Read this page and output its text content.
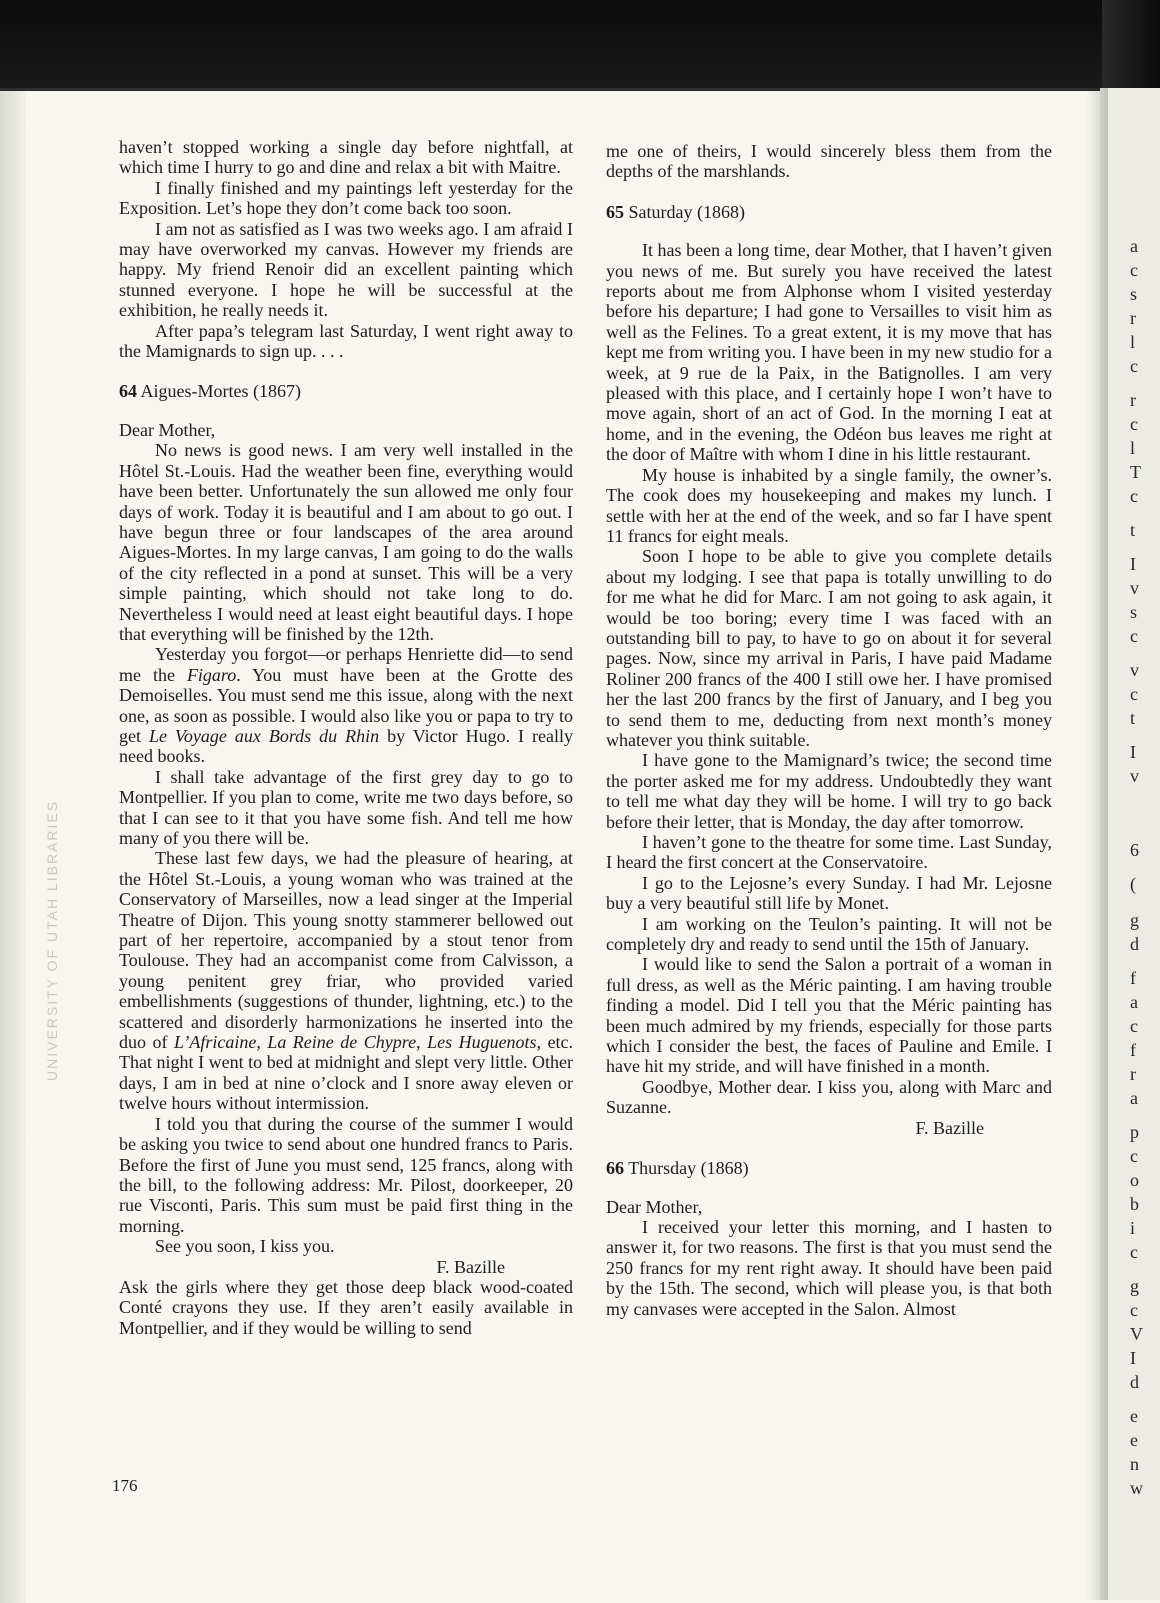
UNIVERSITY OF UTAH LIBRARIES
a
c
s
r
l
c
r
c
l
T
c
t
I
v
s
c
v
c
t
I
v
6
(
g
d
f
a
c
f
r
a
p
c
o
b
i
c
g
c
V
I
d
e
e
n
w

haven’t stopped working a single day before nightfall, at which time I hurry to go and dine and relax a bit with Maitre.

I finally finished and my paintings left yesterday for the Exposition. Let’s hope they don’t come back too soon.

I am not as satisfied as I was two weeks ago. I am afraid I may have overworked my canvas. However my friends are happy. My friend Renoir did an excellent painting which stunned everyone. I hope he will be successful at the exhibition, he really needs it.

After papa’s telegram last Saturday, I went right away to the Mamignards to sign up. . . .

64 Aigues-Mortes (1867)

Dear Mother,

No news is good news. I am very well installed in the Hôtel St.-Louis. Had the weather been fine, everything would have been better. Unfortunately the sun allowed me only four days of work. Today it is beautiful and I am about to go out. I have begun three or four landscapes of the area around Aigues-Mortes. In my large canvas, I am going to do the walls of the city reflected in a pond at sunset. This will be a very simple painting, which should not take long to do. Nevertheless I would need at least eight beautiful days. I hope that everything will be finished by the 12th.

Yesterday you forgot—or perhaps Henriette did—to send me the Figaro. You must have been at the Grotte des Demoiselles. You must send me this issue, along with the next one, as soon as possible. I would also like you or papa to try to get Le Voyage aux Bords du Rhin by Victor Hugo. I really need books.

I shall take advantage of the first grey day to go to Montpellier. If you plan to come, write me two days before, so that I can see to it that you have some fish. And tell me how many of you there will be.

These last few days, we had the pleasure of hearing, at the Hôtel St.-Louis, a young woman who was trained at the Conservatory of Marseilles, now a lead singer at the Imperial Theatre of Dijon. This young snotty stammerer bellowed out part of her repertoire, accompanied by a stout tenor from Toulouse. They had an accompanist come from Calvisson, a young penitent grey friar, who provided varied embellishments (suggestions of thunder, lightning, etc.) to the scattered and disorderly harmonizations he inserted into the duo of L’Africaine, La Reine de Chypre, Les Huguenots, etc. That night I went to bed at midnight and slept very little. Other days, I am in bed at nine o’clock and I snore away eleven or twelve hours without intermission.

I told you that during the course of the summer I would be asking you twice to send about one hundred francs to Paris. Before the first of June you must send, 125 francs, along with the bill, to the following address: Mr. Pilost, doorkeeper, 20 rue Visconti, Paris. This sum must be paid first thing in the morning.

See you soon, I kiss you.

F. Bazille

Ask the girls where they get those deep black wood-coated Conté crayons they use. If they aren’t easily available in Montpellier, and if they would be willing to send

me one of theirs, I would sincerely bless them from the depths of the marshlands.

65 Saturday (1868)

It has been a long time, dear Mother, that I haven’t given you news of me. But surely you have received the latest reports about me from Alphonse whom I visited yesterday before his departure; I had gone to Versailles to visit him as well as the Felines. To a great extent, it is my move that has kept me from writing you. I have been in my new studio for a week, at 9 rue de la Paix, in the Batignolles. I am very pleased with this place, and I certainly hope I won’t have to move again, short of an act of God. In the morning I eat at home, and in the evening, the Odéon bus leaves me right at the door of Maître with whom I dine in his little restaurant.

My house is inhabited by a single family, the owner’s. The cook does my housekeeping and makes my lunch. I settle with her at the end of the week, and so far I have spent 11 francs for eight meals.

Soon I hope to be able to give you complete details about my lodging. I see that papa is totally unwilling to do for me what he did for Marc. I am not going to ask again, it would be too boring; every time I was faced with an outstanding bill to pay, to have to go on about it for several pages. Now, since my arrival in Paris, I have paid Madame Roliner 200 francs of the 400 I still owe her. I have promised her the last 200 francs by the first of January, and I beg you to send them to me, deducting from next month’s money whatever you think suitable.

I have gone to the Mamignard’s twice; the second time the porter asked me for my address. Undoubtedly they want to tell me what day they will be home. I will try to go back before their letter, that is Monday, the day after tomorrow.

I haven’t gone to the theatre for some time. Last Sunday, I heard the first concert at the Conservatoire.

I go to the Lejosne’s every Sunday. I had Mr. Lejosne buy a very beautiful still life by Monet.

I am working on the Teulon’s painting. It will not be completely dry and ready to send until the 15th of January.

I would like to send the Salon a portrait of a woman in full dress, as well as the Méric painting. I am having trouble finding a model. Did I tell you that the Méric painting has been much admired by my friends, especially for those parts which I consider the best, the faces of Pauline and Emile. I have hit my stride, and will have finished in a month.

Goodbye, Mother dear. I kiss you, along with Marc and Suzanne.

F. Bazille

66 Thursday (1868)

Dear Mother,

I received your letter this morning, and I hasten to answer it, for two reasons. The first is that you must send the 250 francs for my rent right away. It should have been paid by the 15th. The second, which will please you, is that both my canvases were accepted in the Salon. Almost

176
